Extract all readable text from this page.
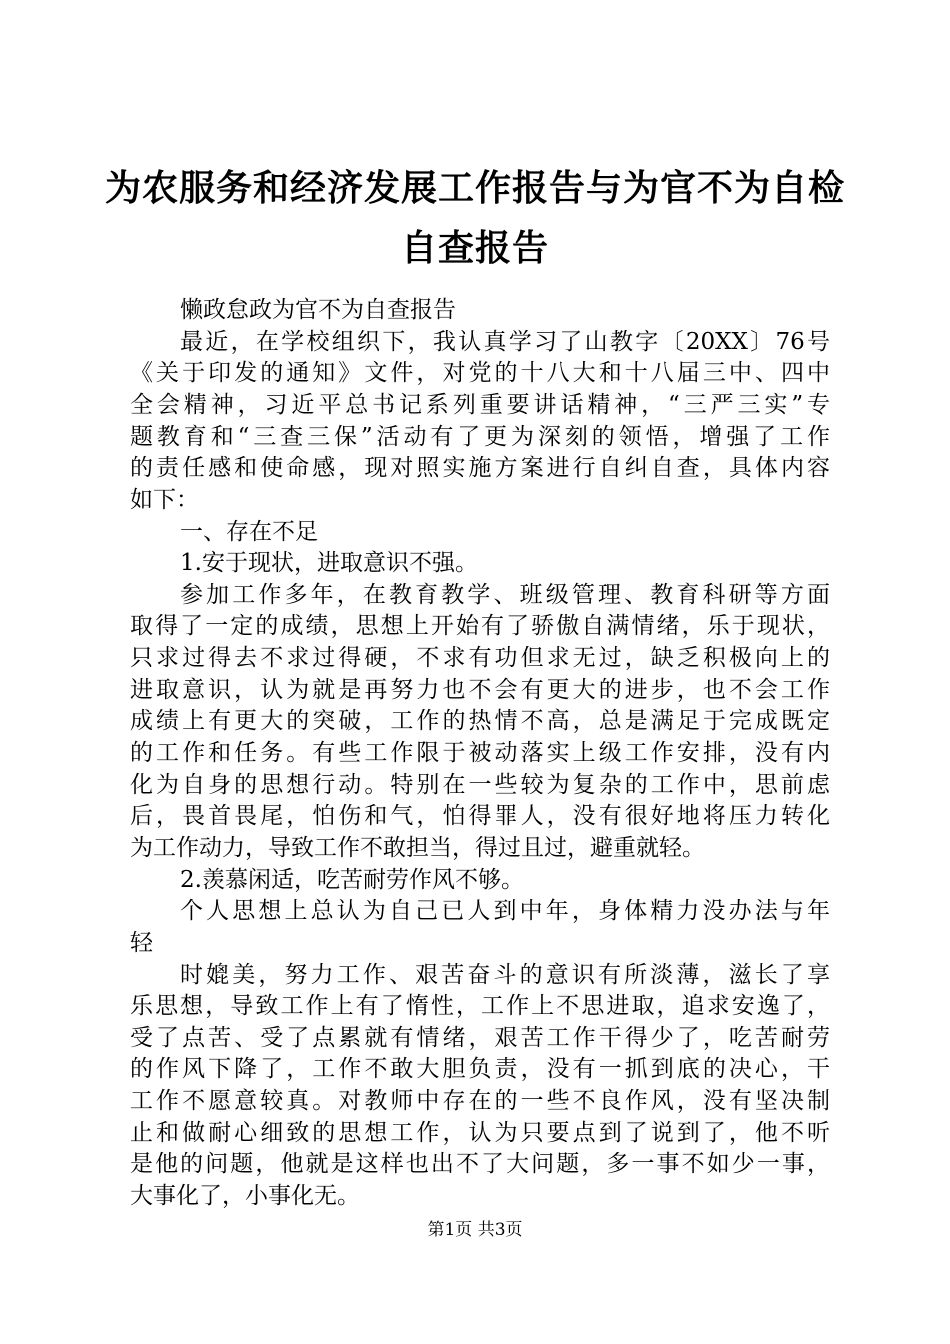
为农服务和经济发展工作报告与为官不为自检
自查报告
懒政怠政为官不为自查报告
最近，在学校组织下，我认真学习了山教字〔20XX〕76号
《关于印发的通知》文件，对党的十八大和十八届三中、四中
全会精神，习近平总书记系列重要讲话精神，“三严三实”专
题教育和“三查三保”活动有了更为深刻的领悟，增强了工作
的责任感和使命感，现对照实施方案进行自纠自查，具体内容
如下：
一、存在不足
1.安于现状，进取意识不强。
参加工作多年，在教育教学、班级管理、教育科研等方面
取得了一定的成绩，思想上开始有了骄傲自满情绪，乐于现状，
只求过得去不求过得硬，不求有功但求无过，缺乏积极向上的
进取意识，认为就是再努力也不会有更大的进步，也不会工作
成绩上有更大的突破，工作的热情不高，总是满足于完成既定
的工作和任务。有些工作限于被动落实上级工作安排，没有内
化为自身的思想行动。特别在一些较为复杂的工作中，思前虑
后，畏首畏尾，怕伤和气，怕得罪人，没有很好地将压力转化
为工作动力，导致工作不敢担当，得过且过，避重就轻。
2.羡慕闲适，吃苦耐劳作风不够。
个人思想上总认为自己已人到中年，身体精力没办法与年
轻
时媲美，努力工作、艰苦奋斗的意识有所淡薄，滋长了享
乐思想，导致工作上有了惰性，工作上不思进取，追求安逸了，
受了点苦、受了点累就有情绪，艰苦工作干得少了，吃苦耐劳
的作风下降了，工作不敢大胆负责，没有一抓到底的决心，干
工作不愿意较真。对教师中存在的一些不良作风，没有坚决制
止和做耐心细致的思想工作，认为只要点到了说到了，他不听
是他的问题，他就是这样也出不了大问题，多一事不如少一事，
大事化了，小事化无。
第1页 共3页
